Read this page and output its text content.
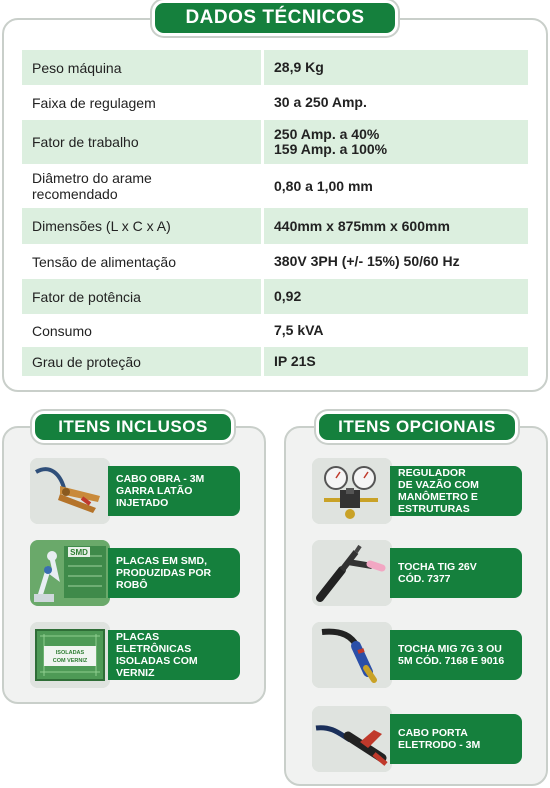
DADOS TÉCNICOS
Peso máquina	28,9 Kg

Faixa de regulagem	30 a 250 Amp.

Fator de trabalho	250 Amp. a 40%
159 Amp. a 100%

Diâmetro do arame
recomendado	0,80 a 1,00 mm

Dimensões (L x C x A)	440mm x 875mm x 600mm

Tensão de alimentação	380V 3PH (+/- 15%) 50/60 Hz

Fator de potência	0,92

Consumo	7,5 kVA

Grau de proteção	IP 21S
ITENS INCLUSOS
CABO OBRA - 3M
GARRA LATÃO
INJETADO
SMD
PLACAS EM SMD,
PRODUZIDAS POR
ROBÔ
ISOLADAS
COM VERNIZ
PLACAS
ELETRÔNICAS
ISOLADAS COM
VERNIZ
ITENS OPCIONAIS
REGULADOR
DE VAZÃO COM
MANÔMETRO E
ESTRUTURAS
TOCHA TIG 26V
CÓD. 7377
TOCHA MIG 7G 3 OU
5M CÓD. 7168 E 9016
CABO PORTA
ELETRODO - 3M
